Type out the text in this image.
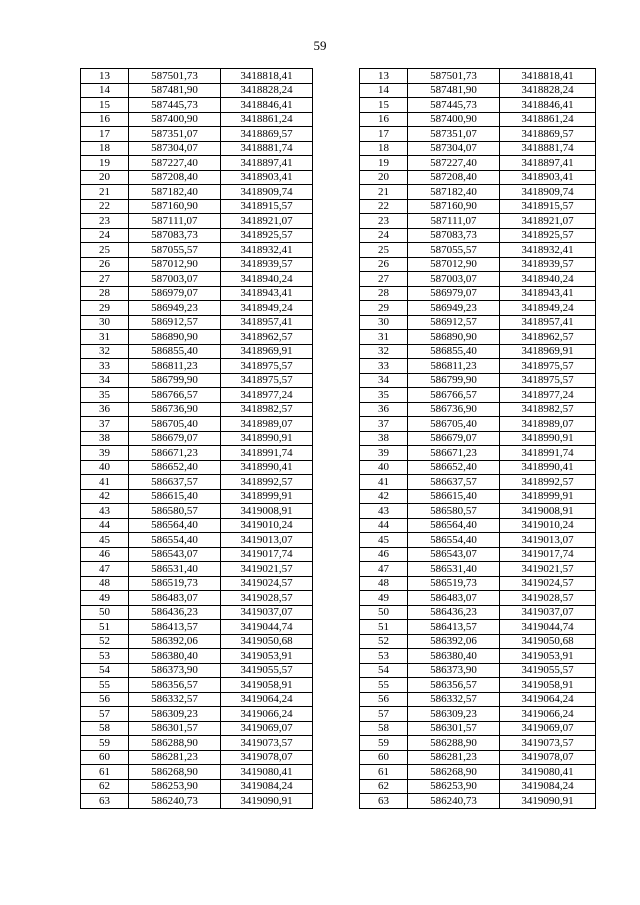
59
13	587501,73	3418818,41		13	587501,73	3418818,41
14	587481,90	3418828,24		14	587481,90	3418828,24
15	587445,73	3418846,41		15	587445,73	3418846,41
16	587400,90	3418861,24		16	587400,90	3418861,24
17	587351,07	3418869,57		17	587351,07	3418869,57
18	587304,07	3418881,74		18	587304,07	3418881,74
19	587227,40	3418897,41		19	587227,40	3418897,41
20	587208,40	3418903,41		20	587208,40	3418903,41
21	587182,40	3418909,74		21	587182,40	3418909,74
22	587160,90	3418915,57		22	587160,90	3418915,57
23	587111,07	3418921,07		23	587111,07	3418921,07
24	587083,73	3418925,57		24	587083,73	3418925,57
25	587055,57	3418932,41		25	587055,57	3418932,41
26	587012,90	3418939,57		26	587012,90	3418939,57
27	587003,07	3418940,24		27	587003,07	3418940,24
28	586979,07	3418943,41		28	586979,07	3418943,41
29	586949,23	3418949,24		29	586949,23	3418949,24
30	586912,57	3418957,41		30	586912,57	3418957,41
31	586890,90	3418962,57		31	586890,90	3418962,57
32	586855,40	3418969,91		32	586855,40	3418969,91
33	586811,23	3418975,57		33	586811,23	3418975,57
34	586799,90	3418975,57		34	586799,90	3418975,57
35	586766,57	3418977,24		35	586766,57	3418977,24
36	586736,90	3418982,57		36	586736,90	3418982,57
37	586705,40	3418989,07		37	586705,40	3418989,07
38	586679,07	3418990,91		38	586679,07	3418990,91
39	586671,23	3418991,74		39	586671,23	3418991,74
40	586652,40	3418990,41		40	586652,40	3418990,41
41	586637,57	3418992,57		41	586637,57	3418992,57
42	586615,40	3418999,91		42	586615,40	3418999,91
43	586580,57	3419008,91		43	586580,57	3419008,91
44	586564,40	3419010,24		44	586564,40	3419010,24
45	586554,40	3419013,07		45	586554,40	3419013,07
46	586543,07	3419017,74		46	586543,07	3419017,74
47	586531,40	3419021,57		47	586531,40	3419021,57
48	586519,73	3419024,57		48	586519,73	3419024,57
49	586483,07	3419028,57		49	586483,07	3419028,57
50	586436,23	3419037,07		50	586436,23	3419037,07
51	586413,57	3419044,74		51	586413,57	3419044,74
52	586392,06	3419050,68		52	586392,06	3419050,68
53	586380,40	3419053,91		53	586380,40	3419053,91
54	586373,90	3419055,57		54	586373,90	3419055,57
55	586356,57	3419058,91		55	586356,57	3419058,91
56	586332,57	3419064,24		56	586332,57	3419064,24
57	586309,23	3419066,24		57	586309,23	3419066,24
58	586301,57	3419069,07		58	586301,57	3419069,07
59	586288,90	3419073,57		59	586288,90	3419073,57
60	586281,23	3419078,07		60	586281,23	3419078,07
61	586268,90	3419080,41		61	586268,90	3419080,41
62	586253,90	3419084,24		62	586253,90	3419084,24
63	586240,73	3419090,91		63	586240,73	3419090,91
